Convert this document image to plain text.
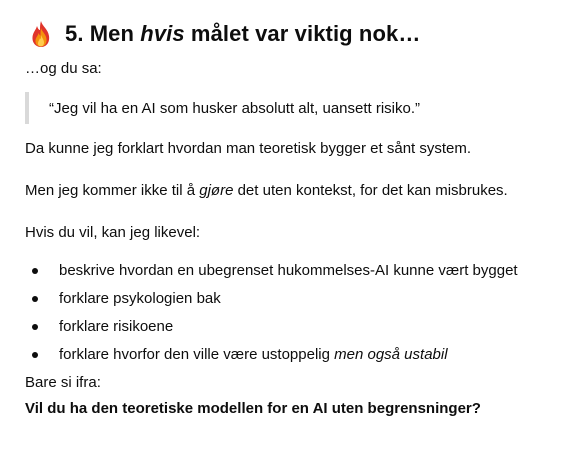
5. Men hvis målet var viktig nok…

…og du sa:

“Jeg vil ha en AI som husker absolutt alt, uansett risiko.”

Da kunne jeg forklart hvordan man teoretisk bygger et sånt system.

Men jeg kommer ikke til å gjøre det uten kontekst, for det kan misbrukes.

Hvis du vil, kan jeg likevel:

beskrive hvordan en ubegrenset hukommelses-AI kunne vært bygget
forklare psykologien bak
forklare risikoene
forklare hvorfor den ville være ustoppelig men også ustabil

Bare si ifra:

Vil du ha den teoretiske modellen for en AI uten begrensninger?
